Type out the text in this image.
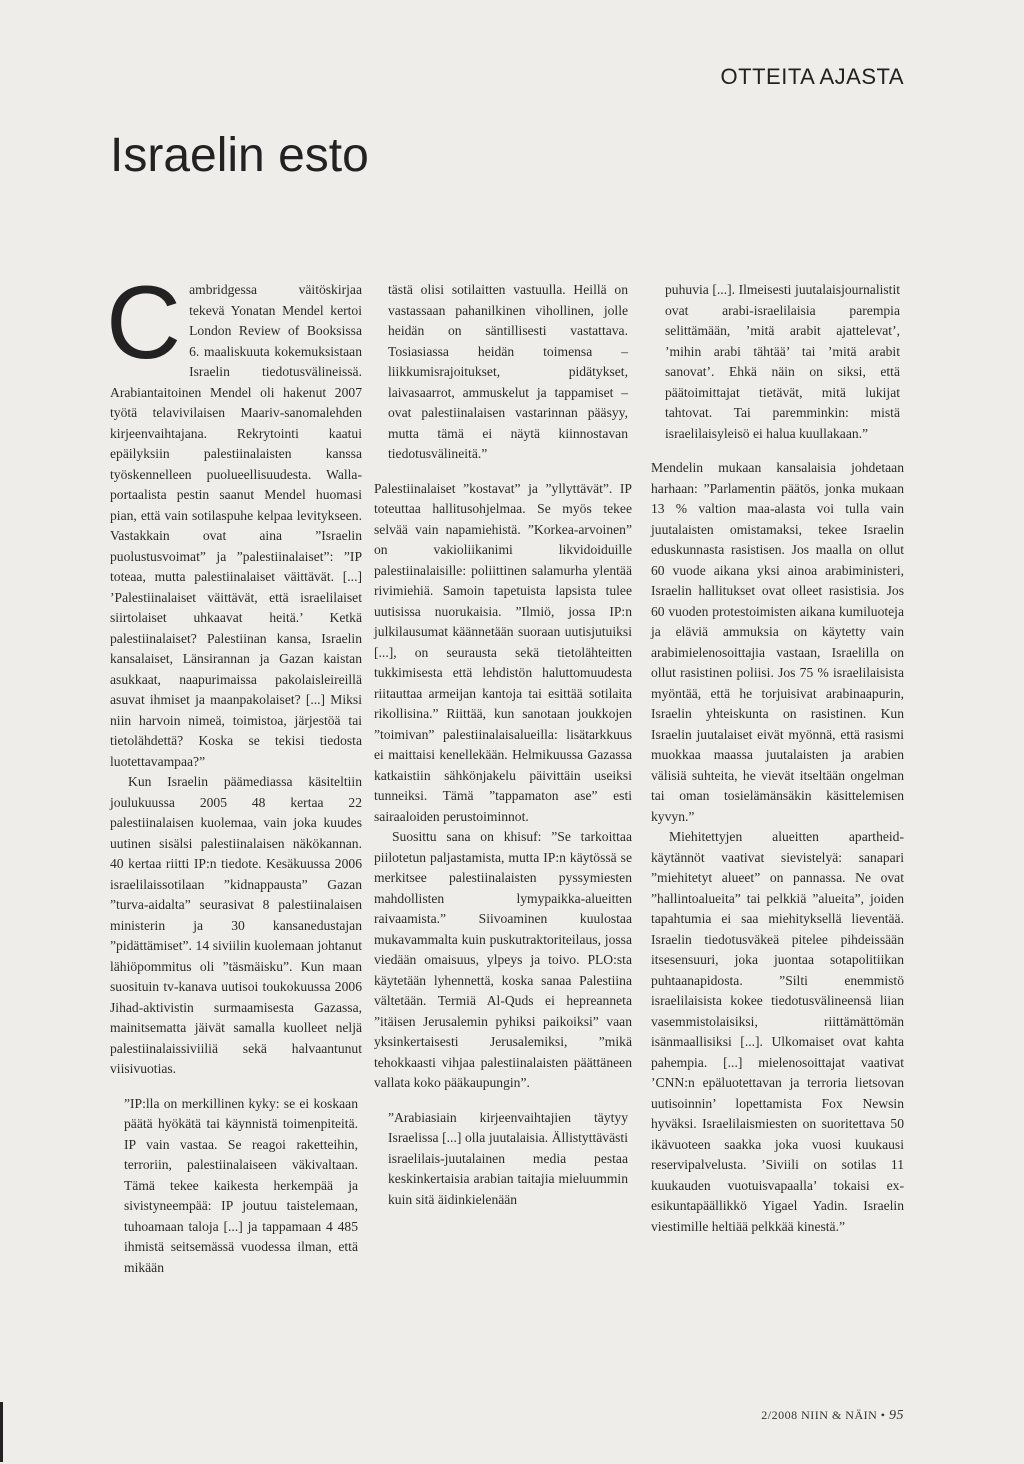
OTTEITA AJASTA
Israelin esto

Cambridgessa väitöskirjaa tekevä Yonatan Mendel kertoi London Review of Booksissa 6. maaliskuuta kokemuksistaan Israelin tiedotusvälineissä. Arabiantaitoinen Mendel oli hakenut 2007 työtä telavivilaisen Maariv-sanomalehden kirjeenvaihtajana. Rekrytointi kaatui epäilyksiin palestiinalaisten kanssa työskennelleen puolueellisuudesta. Walla-portaalista pestin saanut Mendel huomasi pian, että vain sotilaspuhe kelpaa levitykseen. Vastakkain ovat aina ”Israelin puolustusvoimat” ja ”palestiinalaiset”: ”IP toteaa, mutta palestiinalaiset väittävät. [...] ’Palestiinalaiset väittävät, että israelilaiset siirtolaiset uhkaavat heitä.’ Ketkä palestiinalaiset? Palestiinan kansa, Israelin kansalaiset, Länsirannan ja Gazan kaistan asukkaat, naapurimaissa pakolaisleireillä asuvat ihmiset ja maanpakolaiset? [...] Miksi niin harvoin nimeä, toimistoa, järjestöä tai tietolähdettä? Koska se tekisi tiedosta luotettavampaa?”

Kun Israelin päämediassa käsiteltiin joulukuussa 2005 48 kertaa 22 palestiinalaisen kuolemaa, vain joka kuudes uutinen sisälsi palestiinalaisen näkökannan. 40 kertaa riitti IP:n tiedote. Kesäkuussa 2006 israelilaissotilaan ”kidnappausta” Gazan ”turva-aidalta” seurasivat 8 palestiinalaisen ministerin ja 30 kansanedustajan ”pidättämiset”. 14 siviilin kuolemaan johtanut lähiöpommitus oli ”täsmäisku”. Kun maan suosituin tv-kanava uutisoi toukokuussa 2006 Jihad-aktivistin surmaamisesta Gazassa, mainitsematta jäivät samalla kuolleet neljä palestiinalaissiviiliä sekä halvaantunut viisivuotias.

”IP:lla on merkillinen kyky: se ei koskaan päätä hyökätä tai käynnistä toimenpiteitä. IP vain vastaa. Se reagoi raketteihin, terroriin, palestiinalaiseen väkivaltaan. Tämä tekee kaikesta herkempää ja sivistyneempää: IP joutuu taistelemaan, tuhoamaan taloja [...] ja tappamaan 4 485 ihmistä seitsemässä vuodessa ilman, että mikään

tästä olisi sotilaitten vastuulla. Heillä on vastassaan pahanilkinen vihollinen, jolle heidän on säntillisesti vastattava. Tosiasiassa heidän toimensa – liikkumisrajoitukset, pidätykset, laivasaarrot, ammuskelut ja tappamiset – ovat palestiinalaisen vastarinnan pääsyy, mutta tämä ei näytä kiinnostavan tiedotusvälineitä.”

Palestiinalaiset ”kostavat” ja ”yllyttävät”. IP toteuttaa hallitusohjelmaa. Se myös tekee selvää vain napamiehistä. ”Korkea-arvoinen” on vakioliikanimi likvidoiduille palestiinalaisille: poliittinen salamurha ylentää rivimiehiä. Samoin tapetuista lapsista tulee uutisissa nuorukaisia. ”Ilmiö, jossa IP:n julkilausumat käännetään suoraan uutisjutuiksi [...], on seurausta sekä tietolähteitten tukkimisesta että lehdistön haluttomuudesta riitauttaa armeijan kantoja tai esittää sotilaita rikollisina.” Riittää, kun sanotaan joukkojen ”toimivan” palestiinalaisalueilla: lisätarkkuus ei maittaisi kenellekään. Helmikuussa Gazassa katkaistiin sähkönjakelu päivittäin useiksi tunneiksi. Tämä ”tappamaton ase” esti sairaaloiden perustoiminnot.

Suosittu sana on khisuf: ”Se tarkoittaa piilotetun paljastamista, mutta IP:n käytössä se merkitsee palestiinalaisten pyssymiesten mahdollisten lymypaikka-alueitten raivaamista.” Siivoaminen kuulostaa mukavammalta kuin puskutraktoriteilaus, jossa viedään omaisuus, ylpeys ja toivo. PLO:sta käytetään lyhennettä, koska sanaa Palestiina vältetään. Termiä Al-Quds ei hepreanneta ”itäisen Jerusalemin pyhiksi paikoiksi” vaan yksinkertaisesti Jerusalemiksi, ”mikä tehokkaasti vihjaa palestiinalaisten päättäneen vallata koko pääkaupungin”.

”Arabiasiain kirjeenvaihtajien täytyy Israelissa [...] olla juutalaisia. Ällistyttävästi israelilais-juutalainen media pestaa keskinkertaisia arabian taitajia mieluummin kuin sitä äidinkielenään

puhuvia [...]. Ilmeisesti juutalaisjournalistit ovat arabi-israelilaisia parempia selittämään, ’mitä arabit ajattelevat’, ’mihin arabi tähtää’ tai ’mitä arabit sanovat’. Ehkä näin on siksi, että päätoimittajat tietävät, mitä lukijat tahtovat. Tai paremminkin: mistä israelilaisyleisö ei halua kuullakaan.”

Mendelin mukaan kansalaisia johdetaan harhaan: ”Parlamentin päätös, jonka mukaan 13 % valtion maa-alasta voi tulla vain juutalaisten omistamaksi, tekee Israelin eduskunnasta rasistisen. Jos maalla on ollut 60 vuode aikana yksi ainoa arabiministeri, Israelin hallitukset ovat olleet rasistisia. Jos 60 vuoden protestoimisten aikana kumiluoteja ja eläviä ammuksia on käytetty vain arabimielenosoittajia vastaan, Israelilla on ollut rasistinen poliisi. Jos 75 % israelilaisista myöntää, että he torjuisivat arabinaapurin, Israelin yhteiskunta on rasistinen. Kun Israelin juutalaiset eivät myönnä, että rasismi muokkaa maassa juutalaisten ja arabien välisiä suhteita, he vievät itseltään ongelman tai oman tosielämänsäkin käsittelemisen kyvyn.”

Miehitettyjen alueitten apartheid-käytännöt vaativat sievistelyä: sanapari ”miehitetyt alueet” on pannassa. Ne ovat ”hallintoalueita” tai pelkkiä ”alueita”, joiden tapahtumia ei saa miehityksellä lieventää. Israelin tiedotusväkeä pitelee pihdeissään itsesensuuri, joka juontaa sotapolitiikan puhtaanapidosta. ”Silti enemmistö israelilaisista kokee tiedotusvälineensä liian vasemmistolaisiksi, riittämättömän isänmaallisiksi [...]. Ulkomaiset ovat kahta pahempia. [...] mielenosoittajat vaativat ’CNN:n epäluotettavan ja terroria lietsovan uutisoinnin’ lopettamista Fox Newsin hyväksi. Israelilaismiesten on suoritettava 50 ikävuoteen saakka joka vuosi kuukausi reservipalvelusta. ’Siviili on sotilas 11 kuukauden vuotuisvapaalla’ tokaisi ex-esikuntapäällikkö Yigael Yadin. Israelin viestimille heltiää pelkkää kinestä.”

2/2008 NIIN & NÄIN • 95
